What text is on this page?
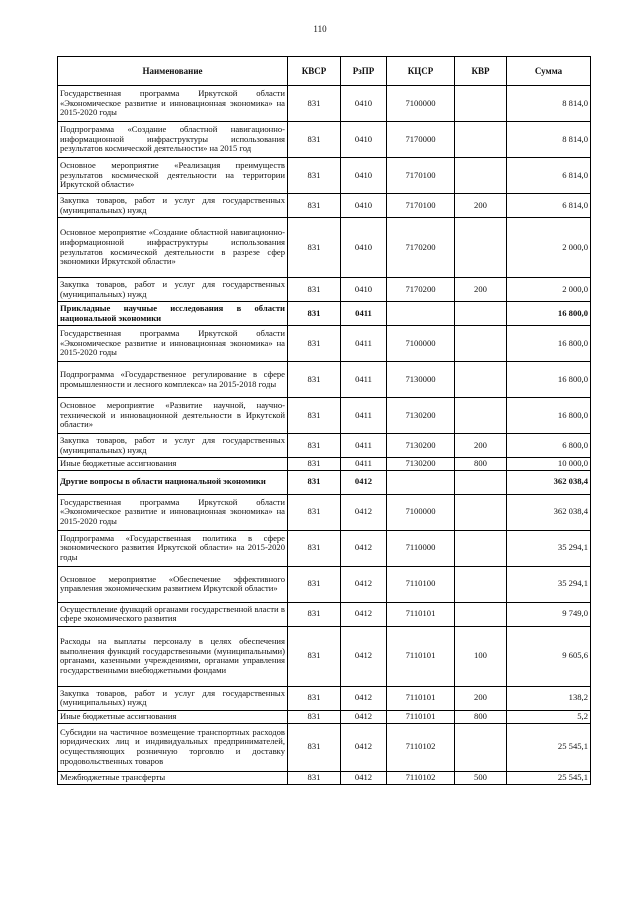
110
Наименование	КВСР	РзПР	КЦСР	КВР	Сумма
Государственная программа Иркутской области «Экономическое развитие и инновационная экономика» на 2015-2020 годы	831	0410	7100000		8 814,0
Подпрограмма «Создание областной навигационно-информационной инфраструктуры использования результатов космической деятельности» на 2015 год	831	0410	7170000		8 814,0
Основное мероприятие «Реализация преимуществ результатов космической деятельности на территории Иркутской области»	831	0410	7170100		6 814,0
Закупка товаров, работ и услуг для государственных (муниципальных) нужд	831	0410	7170100	200	6 814,0
Основное мероприятие «Создание областной навигационно-информационной инфраструктуры использования результатов космической деятельности в разрезе сфер экономики Иркутской области»	831	0410	7170200		2 000,0
Закупка товаров, работ и услуг для государственных (муниципальных) нужд	831	0410	7170200	200	2 000,0
Прикладные научные исследования в области национальной экономики	831	0411			16 800,0
Государственная программа Иркутской области «Экономическое развитие и инновационная экономика» на 2015-2020 годы	831	0411	7100000		16 800,0
Подпрограмма «Государственное регулирование в сфере промышленности и лесного комплекса» на 2015-2018 годы	831	0411	7130000		16 800,0
Основное мероприятие «Развитие научной, научно-технической и инновационной деятельности в Иркутской области»	831	0411	7130200		16 800,0
Закупка товаров, работ и услуг для государственных (муниципальных) нужд	831	0411	7130200	200	6 800,0
Иные бюджетные ассигнования	831	0411	7130200	800	10 000,0
Другие вопросы в области национальной экономики	831	0412			362 038,4
Государственная программа Иркутской области «Экономическое развитие и инновационная экономика» на 2015-2020 годы	831	0412	7100000		362 038,4
Подпрограмма «Государственная политика в сфере экономического развития Иркутской области» на 2015-2020 годы	831	0412	7110000		35 294,1
Основное мероприятие «Обеспечение эффективного управления экономическим развитием Иркутской области»	831	0412	7110100		35 294,1
Осуществление функций органами государственной власти в сфере экономического развития	831	0412	7110101		9 749,0
Расходы на выплаты персоналу в целях обеспечения выполнения функций государственными (муниципальными) органами, казенными учреждениями, органами управления государственными внебюджетными фондами	831	0412	7110101	100	9 605,6
Закупка товаров, работ и услуг для государственных (муниципальных) нужд	831	0412	7110101	200	138,2
Иные бюджетные ассигнования	831	0412	7110101	800	5,2
Субсидии на частичное возмещение транспортных расходов юридических лиц и индивидуальных предпринимателей, осуществляющих розничную торговлю и доставку продовольственных товаров	831	0412	7110102		25 545,1
Межбюджетные трансферты	831	0412	7110102	500	25 545,1
